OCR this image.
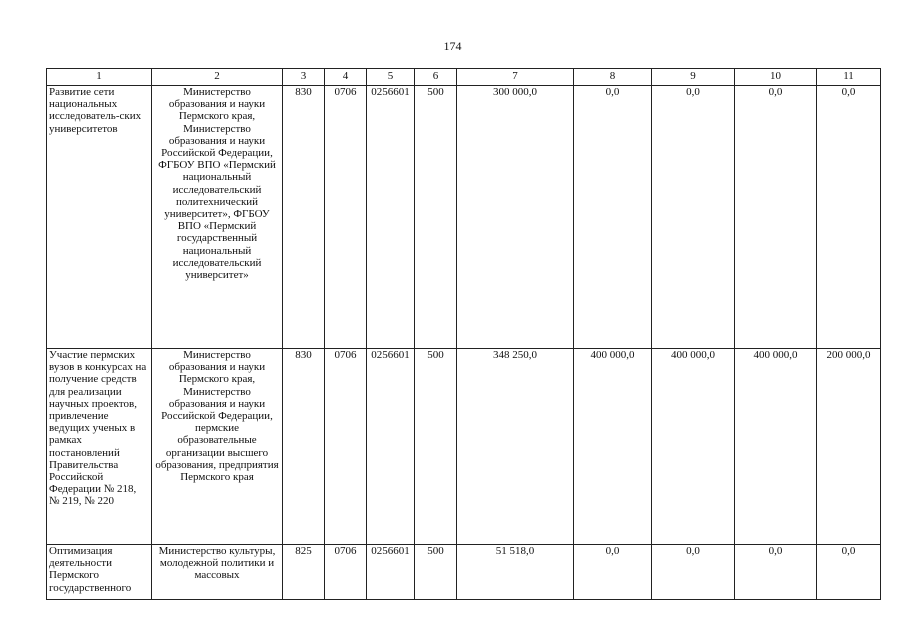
174
1	2	3	4	5	6	7	8	9	10	11
Развитие сети национальных исследователь-ских университетов	Министерство образования и науки Пермского края, Министерство образования и науки Российской Федерации, ФГБОУ ВПО «Пермский национальный исследовательский политехнический университет», ФГБОУ ВПО «Пермский государственный национальный исследовательский университет»	830	0706	0256601	500	300 000,0	0,0	0,0	0,0	0,0
Участие пермских вузов в конкурсах на получение средств для реализации научных проектов, привлечение ведущих ученых в рамках постановлений Правительства Российской Федерации № 218, № 219, № 220	Министерство образования и науки Пермского края, Министерство образования и науки Российской Федерации, пермские образовательные организации высшего образования, предприятия Пермского края	830	0706	0256601	500	348 250,0	400 000,0	400 000,0	400 000,0	200 000,0
Оптимизация деятельности Пермского государственного	Министерство культуры, молодежной политики и массовых	825	0706	0256601	500	51 518,0	0,0	0,0	0,0	0,0
